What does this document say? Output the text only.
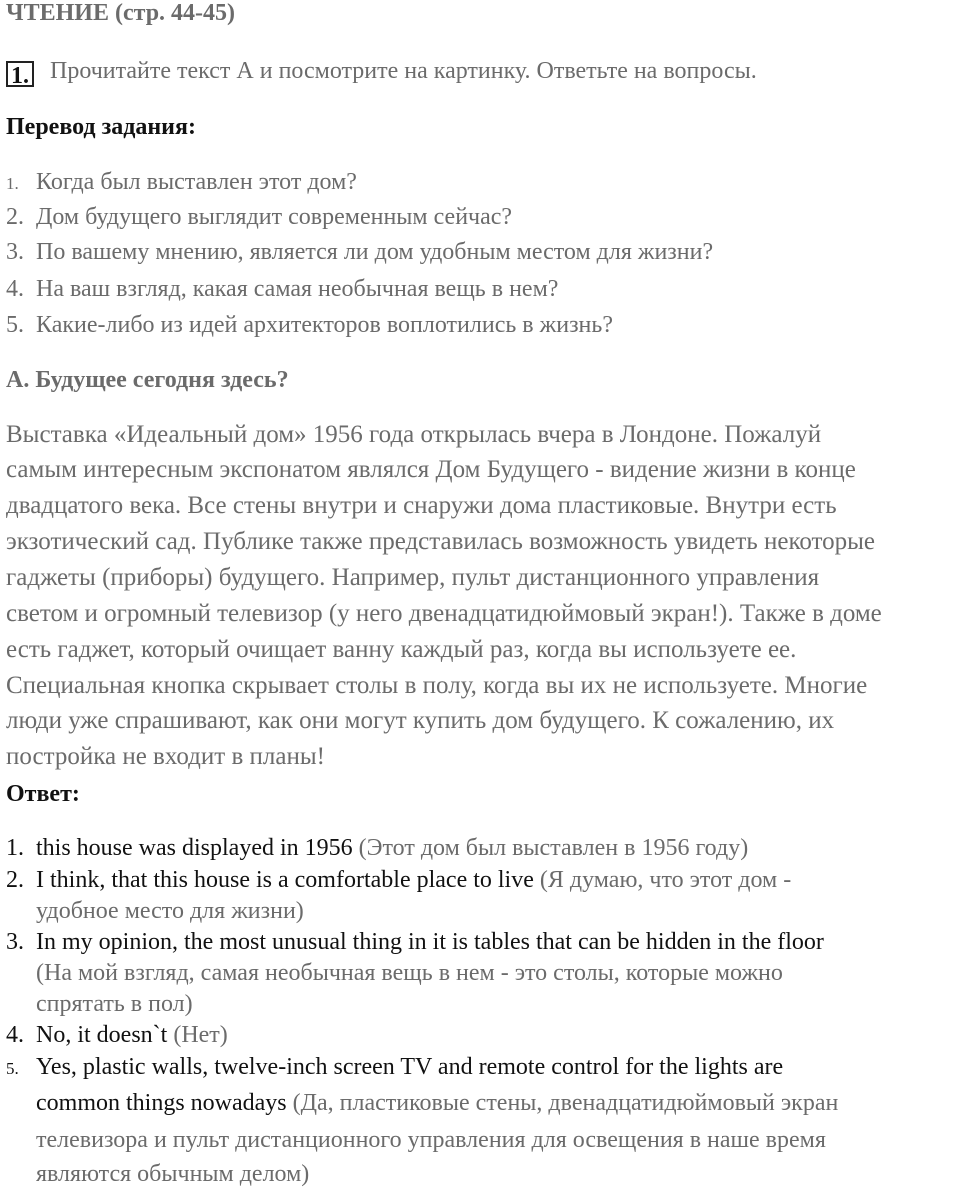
ЧТЕНИЕ (стр. 44-45)
1. Прочитайте текст А и посмотрите на картинку. Ответьте на вопросы.
Перевод задания:
1. Когда был выставлен этот дом?
2. Дом будущего выглядит современным сейчас?
3. По вашему мнению, является ли дом удобным местом для жизни?
4. На ваш взгляд, какая самая необычная вещь в нем?
5. Какие-либо из идей архитекторов воплотились в жизнь?
A. Будущее сегодня здесь?
Выставка «Идеальный дом» 1956 года открылась вчера в Лондоне. Пожалуй
самым интересным экспонатом являлся Дом Будущего - видение жизни в конце
двадцатого века. Все стены внутри и снаружи дома пластиковые. Внутри есть
экзотический сад. Публике также представилась возможность увидеть некоторые
гаджеты (приборы) будущего. Например, пульт дистанционного управления
светом и огромный телевизор (у него двенадцатидюймовый экран!). Также в доме
есть гаджет, который очищает ванну каждый раз, когда вы используете ее.
Специальная кнопка скрывает столы в полу, когда вы их не используете. Многие
люди уже спрашивают, как они могут купить дом будущего. К сожалению, их
постройка не входит в планы!
Ответ:
1. this house was displayed in 1956 (Этот дом был выставлен в 1956 году)
2. I think, that this house is a comfortable place to live (Я думаю, что этот дом -
удобное место для жизни)
3. In my opinion, the most unusual thing in it is tables that can be hidden in the floor
(На мой взгляд, самая необычная вещь в нем - это столы, которые можно
спрятать в пол)
4. No, it doesn`t (Нет)
5. Yes, plastic walls, twelve-inch screen TV and remote control for the lights are
common things nowadays (Да, пластиковые стены, двенадцатидюймовый экран
телевизора и пульт дистанционного управления для освещения в наше время
являются обычным делом)
